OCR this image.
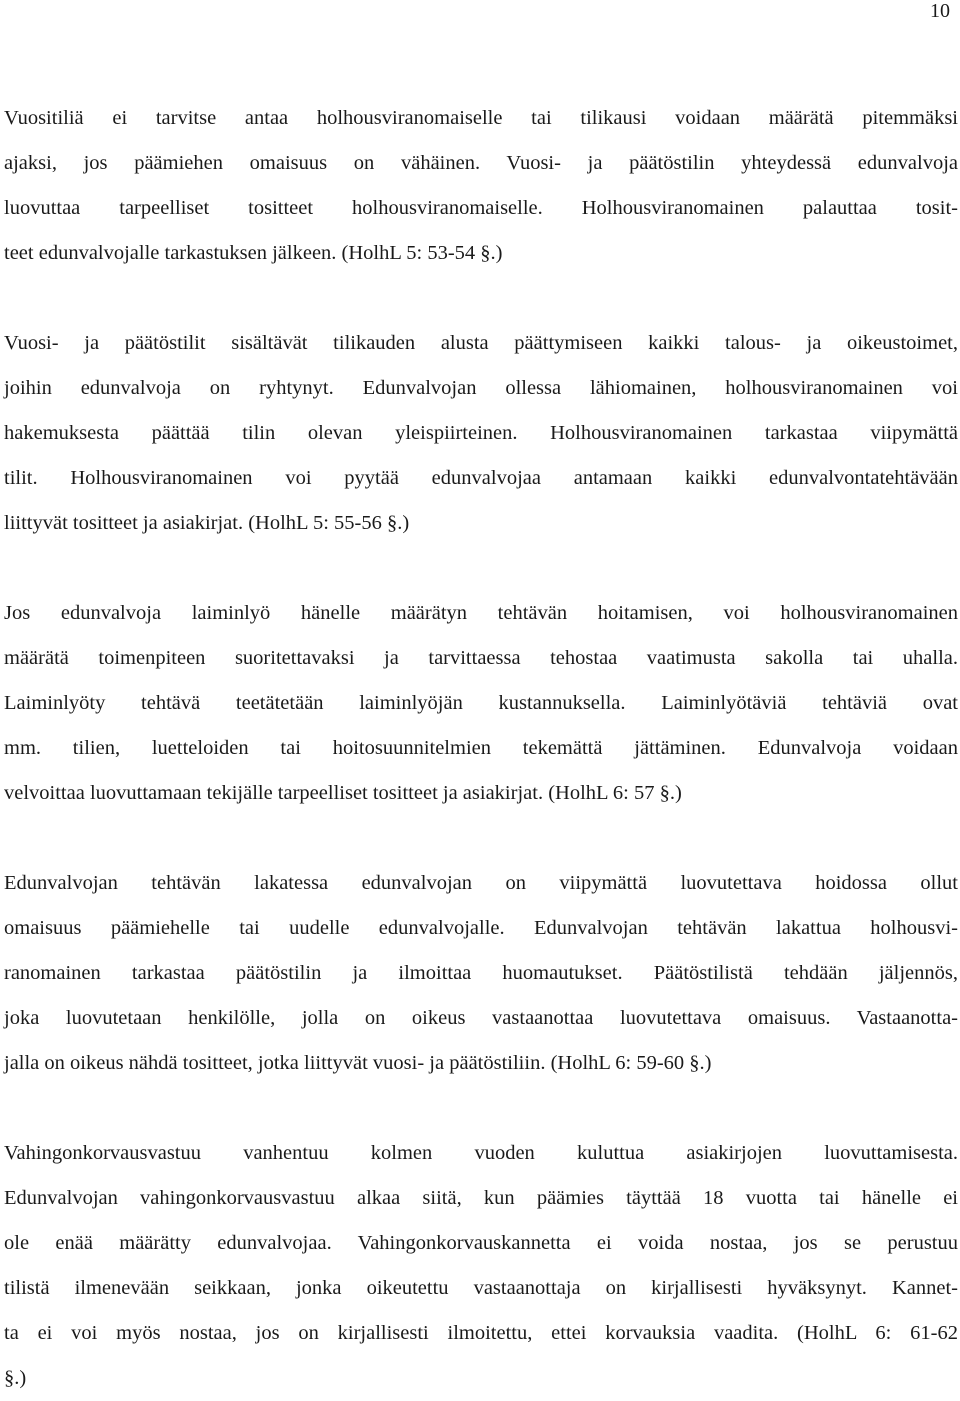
10
Vuositiliä ei tarvitse antaa holhousviranomaiselle tai tilikausi voidaan määrätä pitemmäksi
ajaksi, jos päämiehen omaisuus on vähäinen. Vuosi- ja päätöstilin yhteydessä edunvalvoja
luovuttaa tarpeelliset tositteet holhousviranomaiselle. Holhousviranomainen palauttaa tosit-
teet edunvalvojalle tarkastuksen jälkeen. (HolhL 5: 53-54 §.)
Vuosi- ja päätöstilit sisältävät tilikauden alusta päättymiseen kaikki talous- ja oikeustoimet,
joihin edunvalvoja on ryhtynyt. Edunvalvojan ollessa lähiomainen, holhousviranomainen voi
hakemuksesta päättää tilin olevan yleispiirteinen. Holhousviranomainen tarkastaa viipymättä
tilit. Holhousviranomainen voi pyytää edunvalvojaa antamaan kaikki edunvalvontatehtävään
liittyvät tositteet ja asiakirjat. (HolhL 5: 55-56 §.)
Jos edunvalvoja laiminlyö hänelle määrätyn tehtävän hoitamisen, voi holhousviranomainen
määrätä toimenpiteen suoritettavaksi ja tarvittaessa tehostaa vaatimusta sakolla tai uhalla.
Laiminlyöty tehtävä teetätetään laiminlyöjän kustannuksella. Laiminlyötäviä tehtäviä ovat
mm. tilien, luetteloiden tai hoitosuunnitelmien tekemättä jättäminen. Edunvalvoja voidaan
velvoittaa luovuttamaan tekijälle tarpeelliset tositteet ja asiakirjat. (HolhL 6: 57 §.)
Edunvalvojan tehtävän lakatessa edunvalvojan on viipymättä luovutettava hoidossa ollut
omaisuus päämiehelle tai uudelle edunvalvojalle. Edunvalvojan tehtävän lakattua holhousvi-
ranomainen tarkastaa päätöstilin ja ilmoittaa huomautukset. Päätöstilistä tehdään jäljennös,
joka luovutetaan henkilölle, jolla on oikeus vastaanottaa luovutettava omaisuus. Vastaanotta-
jalla on oikeus nähdä tositteet, jotka liittyvät vuosi- ja päätöstiliin. (HolhL 6: 59-60 §.)
Vahingonkorvausvastuu vanhentuu kolmen vuoden kuluttua asiakirjojen luovuttamisesta.
Edunvalvojan vahingonkorvausvastuu alkaa siitä, kun päämies täyttää 18 vuotta tai hänelle ei
ole enää määrätty edunvalvojaa. Vahingonkorvauskannetta ei voida nostaa, jos se perustuu
tilistä ilmenevään seikkaan, jonka oikeutettu vastaanottaja on kirjallisesti hyväksynyt. Kannet-
ta ei voi myös nostaa, jos on kirjallisesti ilmoitettu, ettei korvauksia vaadita. (HolhL 6: 61-62
§.)
